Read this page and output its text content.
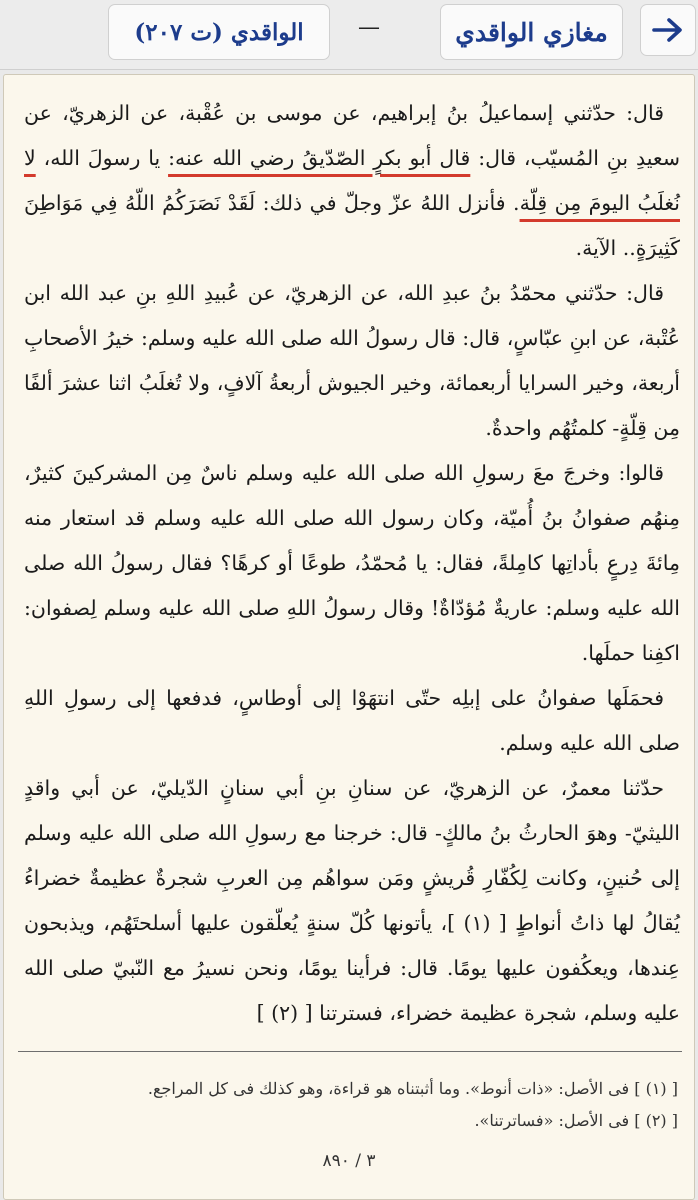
مغازي الواقدي
—
الواقدي (ت ٢٠٧)

قال: حدّثني إسماعيلُ بنُ إبراهيم، عن موسى بن عُقْبة، عن الزهريّ، عن سعيدِ بنِ المُسيّب، قال: قال أبو بكرٍ الصّدّيقُ رضي الله عنه: يا رسولَ الله، لا نُغلَبُ اليومَ مِن قِلّة. فأنزل اللهُ عزّ وجلّ في ذلك: لَقَدْ نَصَرَكُمُ اللّهُ فِي مَوَاطِنَ كَثِيرَةٍ.. الآية.

قال: حدّثني محمّدُ بنُ عبدِ الله، عن الزهريّ، عن عُبيدِ اللهِ بنِ عبد الله ابن عُتْبة، عن ابنِ عبّاسٍ، قال: قال رسولُ الله صلى الله عليه وسلم: خيرُ الأصحابِ أربعة، وخير السرايا أربعمائة، وخير الجيوش أربعةُ آلافٍ، ولا تُغلَبُ اثنا عشرَ ألفًا مِن قِلّةٍ- كلمتُهُم واحدةٌ.

قالوا: وخرجَ معَ رسولِ الله صلى الله عليه وسلم ناسٌ مِن المشركينَ كثيرٌ، مِنهُم صفوانُ بنُ أُميّة، وكان رسول الله صلى الله عليه وسلم قد استعار منه مِائةَ دِرعٍ بأداتِها كامِلةً، فقال: يا مُحمّدُ، طوعًا أو كرهًا؟ فقال رسولُ الله صلى الله عليه وسلم: عاريةٌ مُؤدّاةٌ! وقال رسولُ اللهِ صلى الله عليه وسلم لِصفوان: اكفِنا حملَها.

فحمَلَها صفوانُ على إبلِه حتّى انتهَوْا إلى أوطاسٍ، فدفعها إلى رسولِ اللهِ صلى الله عليه وسلم.

حدّثنا معمرٌ، عن الزهريّ، عن سنانِ بنِ أبي سنانٍ الدّيليّ، عن أبي واقدٍ الليثيّ- وهوَ الحارثُ بنُ مالكٍ- قال: خرجنا مع رسولِ الله صلى الله عليه وسلم إلى حُنينٍ، وكانت لِكُفّارِ قُريشٍ ومَن سواهُم مِن العربِ شجرةٌ عظيمةٌ خضراءُ يُقالُ لها ذاتُ أنواطٍ [ (١) ]، يأتونها كُلّ سنةٍ يُعلّقون عليها أسلحتَهُم، ويذبحون عِندها، ويعكُفون عليها يومًا. قال: فرأينا يومًا، ونحن نسيرُ مع النّبيّ صلى الله عليه وسلم، شجرة عظيمة خضراء، فسترتنا [ (٢) ]

[ (١) ] فى الأصل: «ذات أنوط». وما أثبتناه هو قراءة، وهو كذلك فى كل المراجع.

[ (٢) ] فى الأصل: «فساترتنا».

٣ / ٨٩٠
